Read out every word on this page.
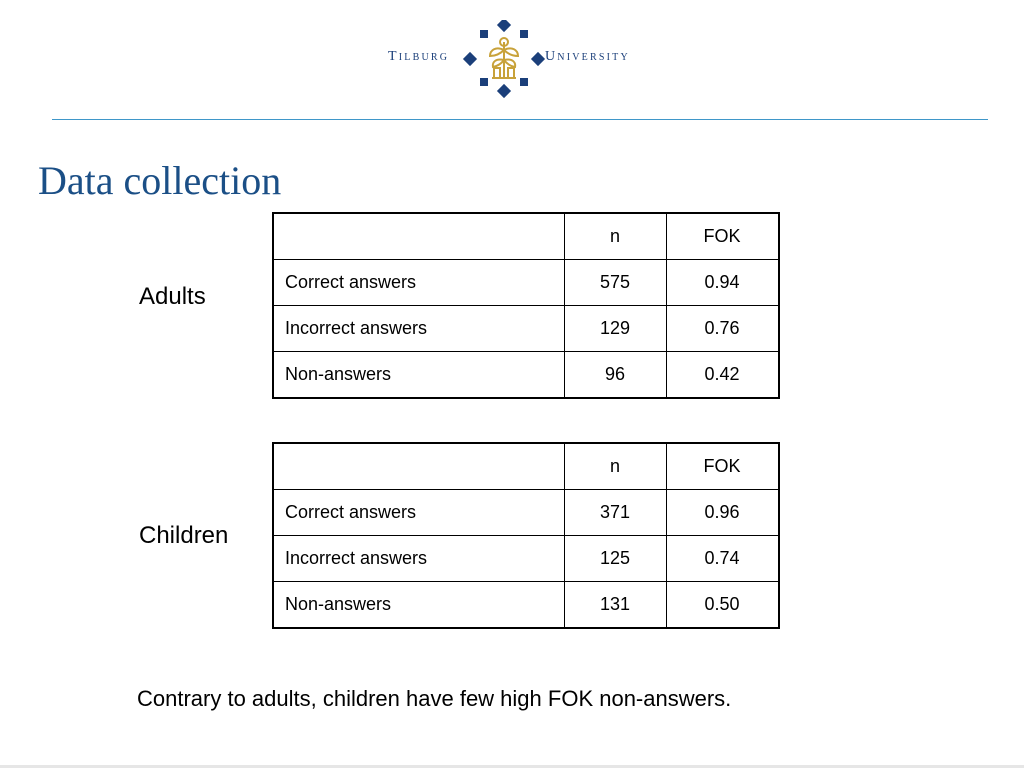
Tilburg	University
Data collection
Adults
	n	FOK
Correct answers	575	0.94
Incorrect answers	129	0.76
Non-answers	96	0.42
Children
	n	FOK
Correct answers	371	0.96
Incorrect answers	125	0.74
Non-answers	131	0.50
Contrary to adults, children have few high FOK non-answers.
